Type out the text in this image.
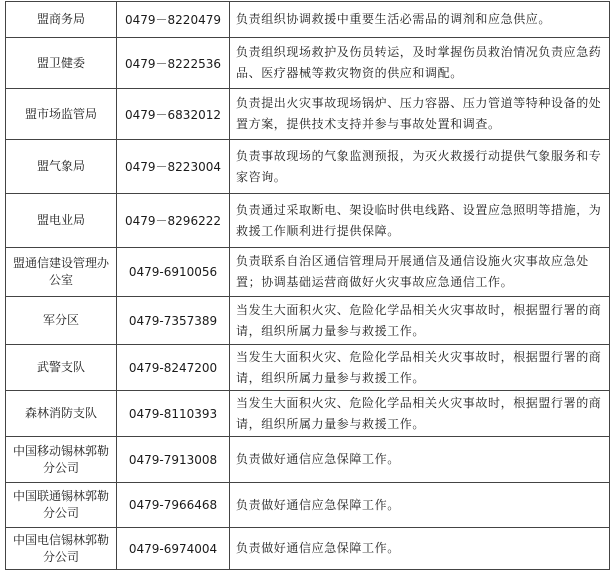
盟商务局	0479－8220479	负责组织协调救援中重要生活必需品的调剂和应急供应。
盟卫健委	0479－8222536	负责组织现场救护及伤员转运，及时掌握伤员救治情况负责应急药品、医疗器械等救灾物资的供应和调配。
盟市场监管局	0479－6832012	负责提出火灾事故现场锅炉、压力容器、压力管道等特种设备的处置方案，提供技术支持并参与事故处置和调查。
盟气象局	0479－8223004	负责事故现场的气象监测预报，为灭火救援行动提供气象服务和专家咨询。
盟电业局	0479－8296222	负责通过采取断电、架设临时供电线路、设置应急照明等措施，为救援工作顺利进行提供保障。
盟通信建设管理办公室	0479-6910056	负责联系自治区通信管理局开展通信及通信设施火灾事故应急处置；协调基础运营商做好火灾事故应急通信工作。
军分区	0479-7357389	当发生大面积火灾、危险化学品相关火灾事故时，根据盟行署的商请，组织所属力量参与救援工作。
武警支队	0479-8247200	当发生大面积火灾、危险化学品相关火灾事故时，根据盟行署的商请，组织所属力量参与救援工作。
森林消防支队	0479-8110393	当发生大面积火灾、危险化学品相关火灾事故时，根据盟行署的商请，组织所属力量参与救援工作。
中国移动锡林郭勒分公司	0479-7913008	负责做好通信应急保障工作。
中国联通锡林郭勒分公司	0479-7966468	负责做好通信应急保障工作。
中国电信锡林郭勒分公司	0479-6974004	负责做好通信应急保障工作。
